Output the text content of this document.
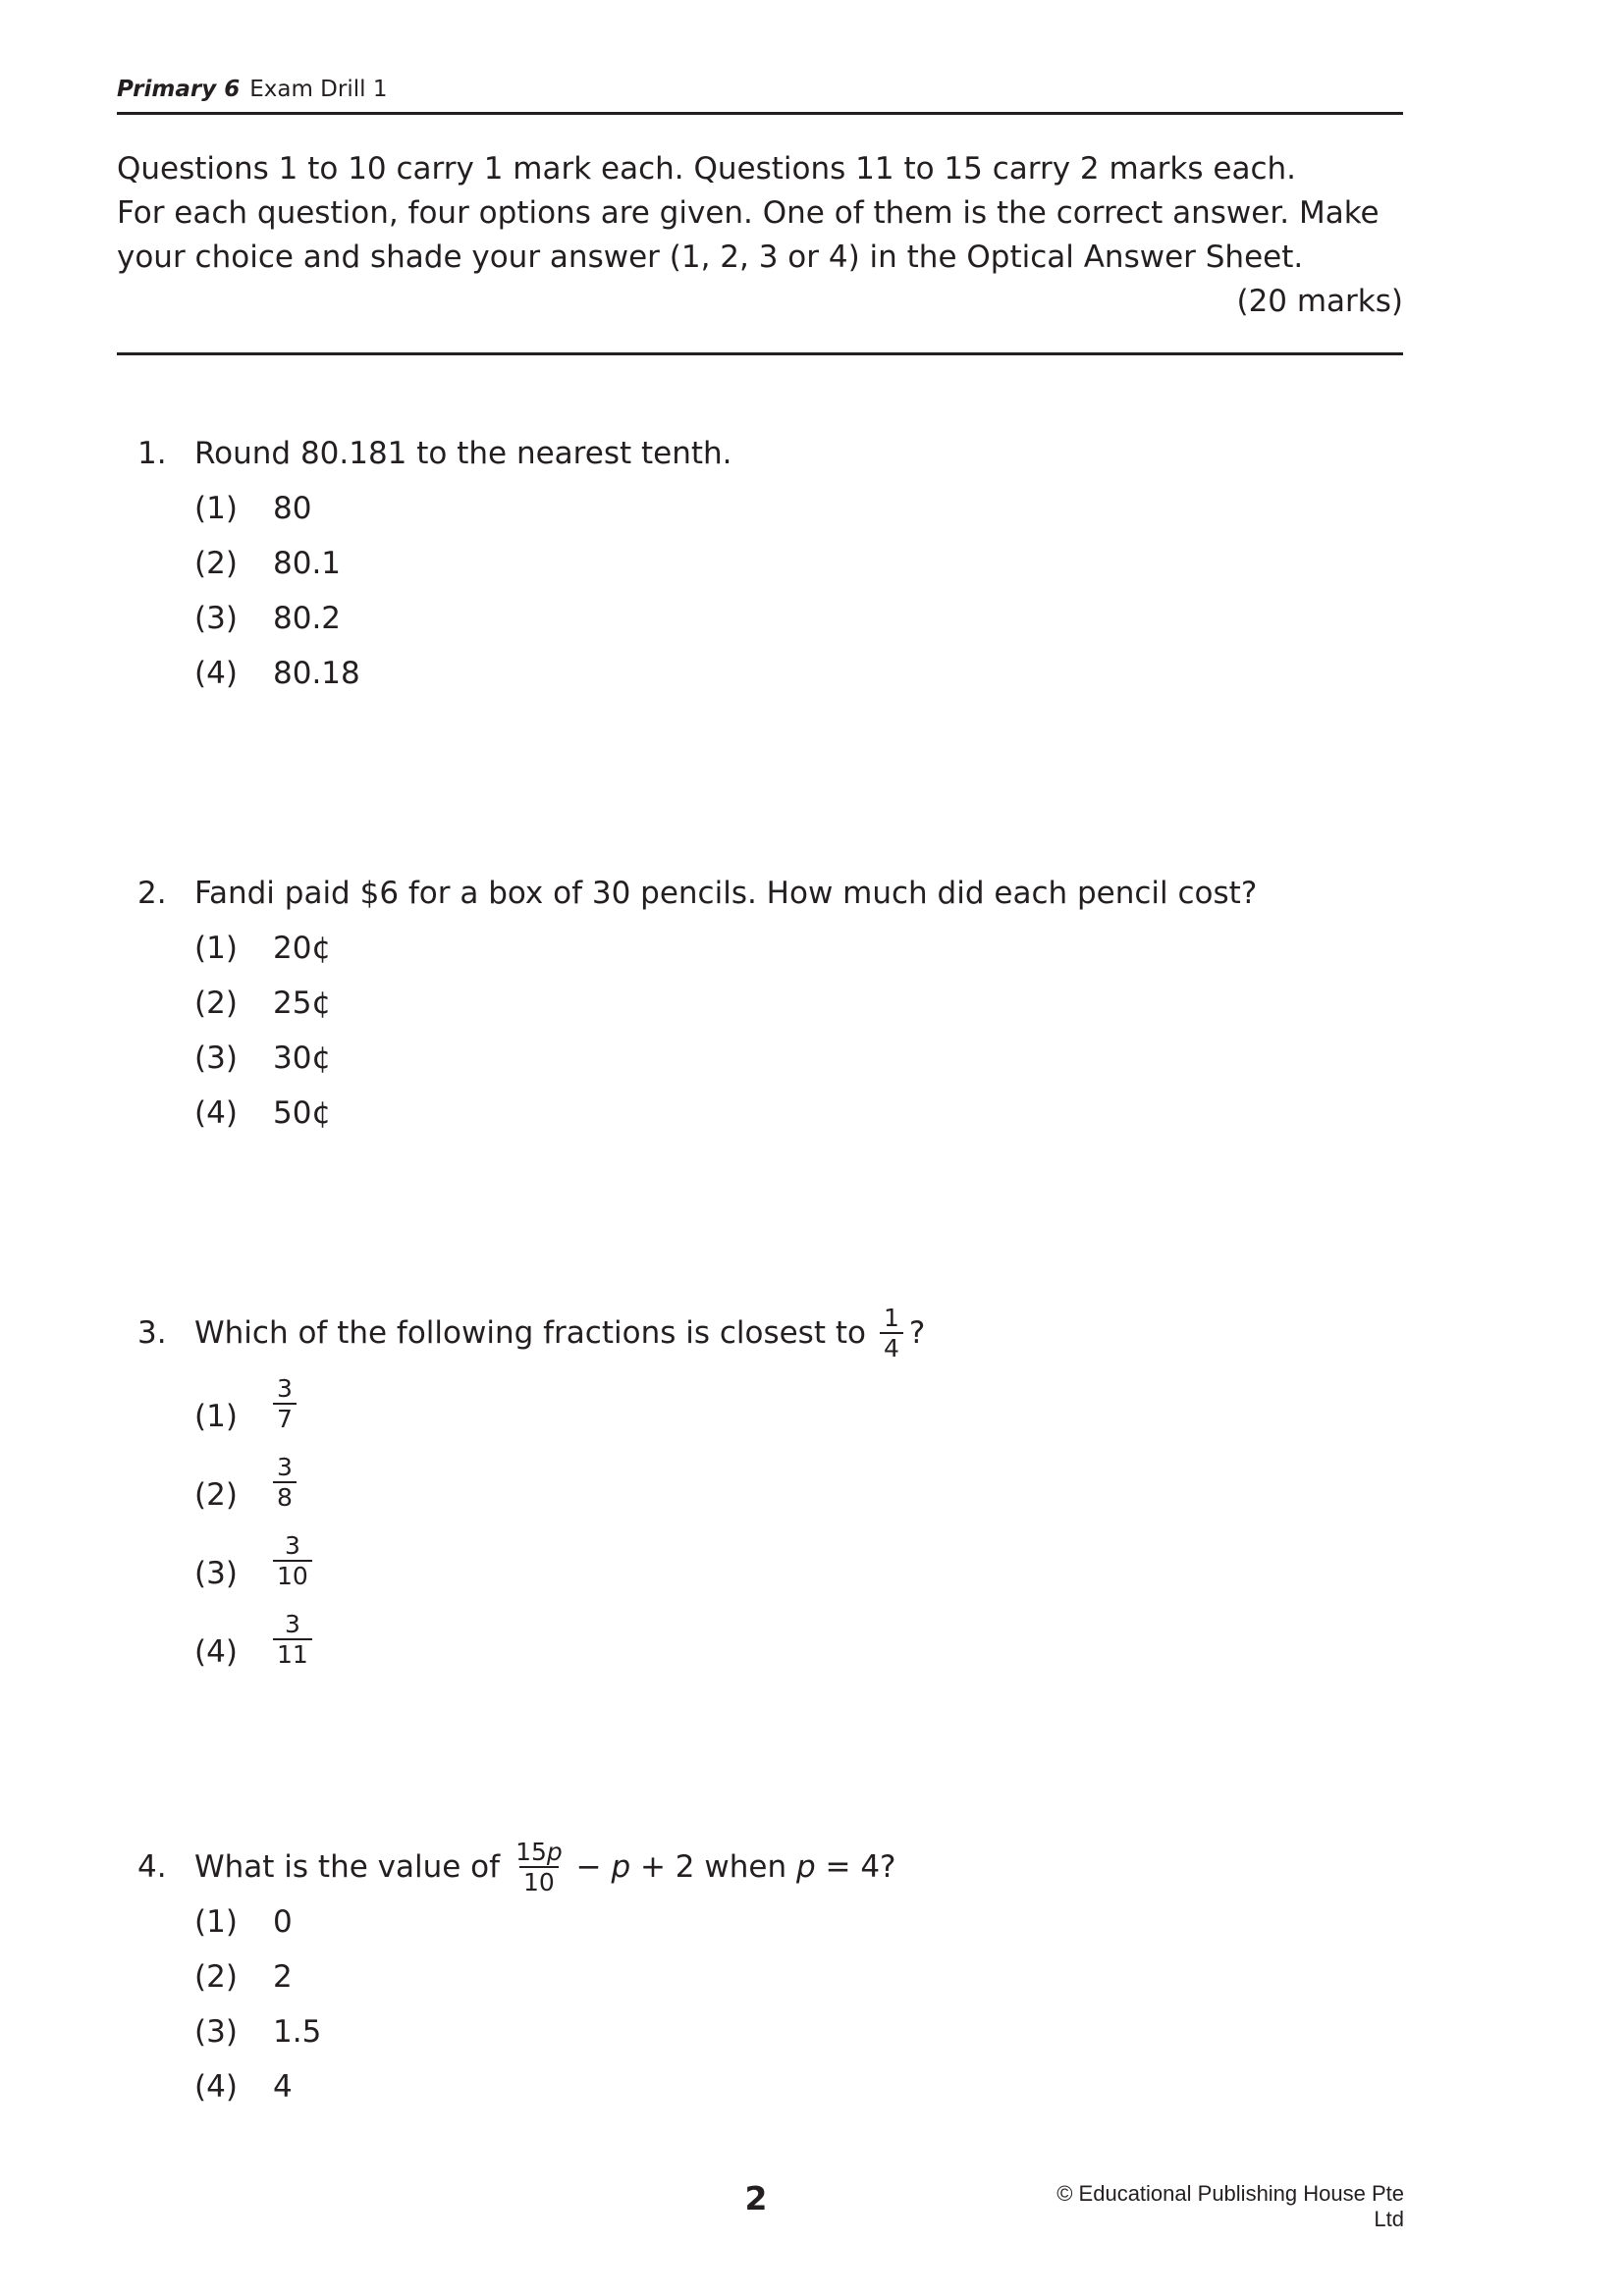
Primary 6 Exam Drill 1
Questions 1 to 10 carry 1 mark each. Questions 11 to 15 carry 2 marks each.
For each question, four options are given. One of them is the correct answer. Make
your choice and shade your answer (1, 2, 3 or 4) in the Optical Answer Sheet.
(20 marks)
1. Round 80.181 to the nearest tenth.
(1) 80
(2) 80.1
(3) 80.2
(4) 80.18
2. Fandi paid $6 for a box of 30 pencils. How much did each pencil cost?
(1) 20¢
(2) 25¢
(3) 30¢
(4) 50¢
3. Which of the following fractions is closest to $\frac{1}{4}$ ?
$(1) \frac{3}{7}$
$(2) \frac{3}{8}$
$(3) \frac{3}{10}$
$(4) \frac{3}{11}$
4. What is the value of $\frac{15p}{10} - p + 2$ when p = 4?
(1) 0
(2) 2
(3) 1.5
(4) 4
2	© Educational Publishing House Pte Ltd
